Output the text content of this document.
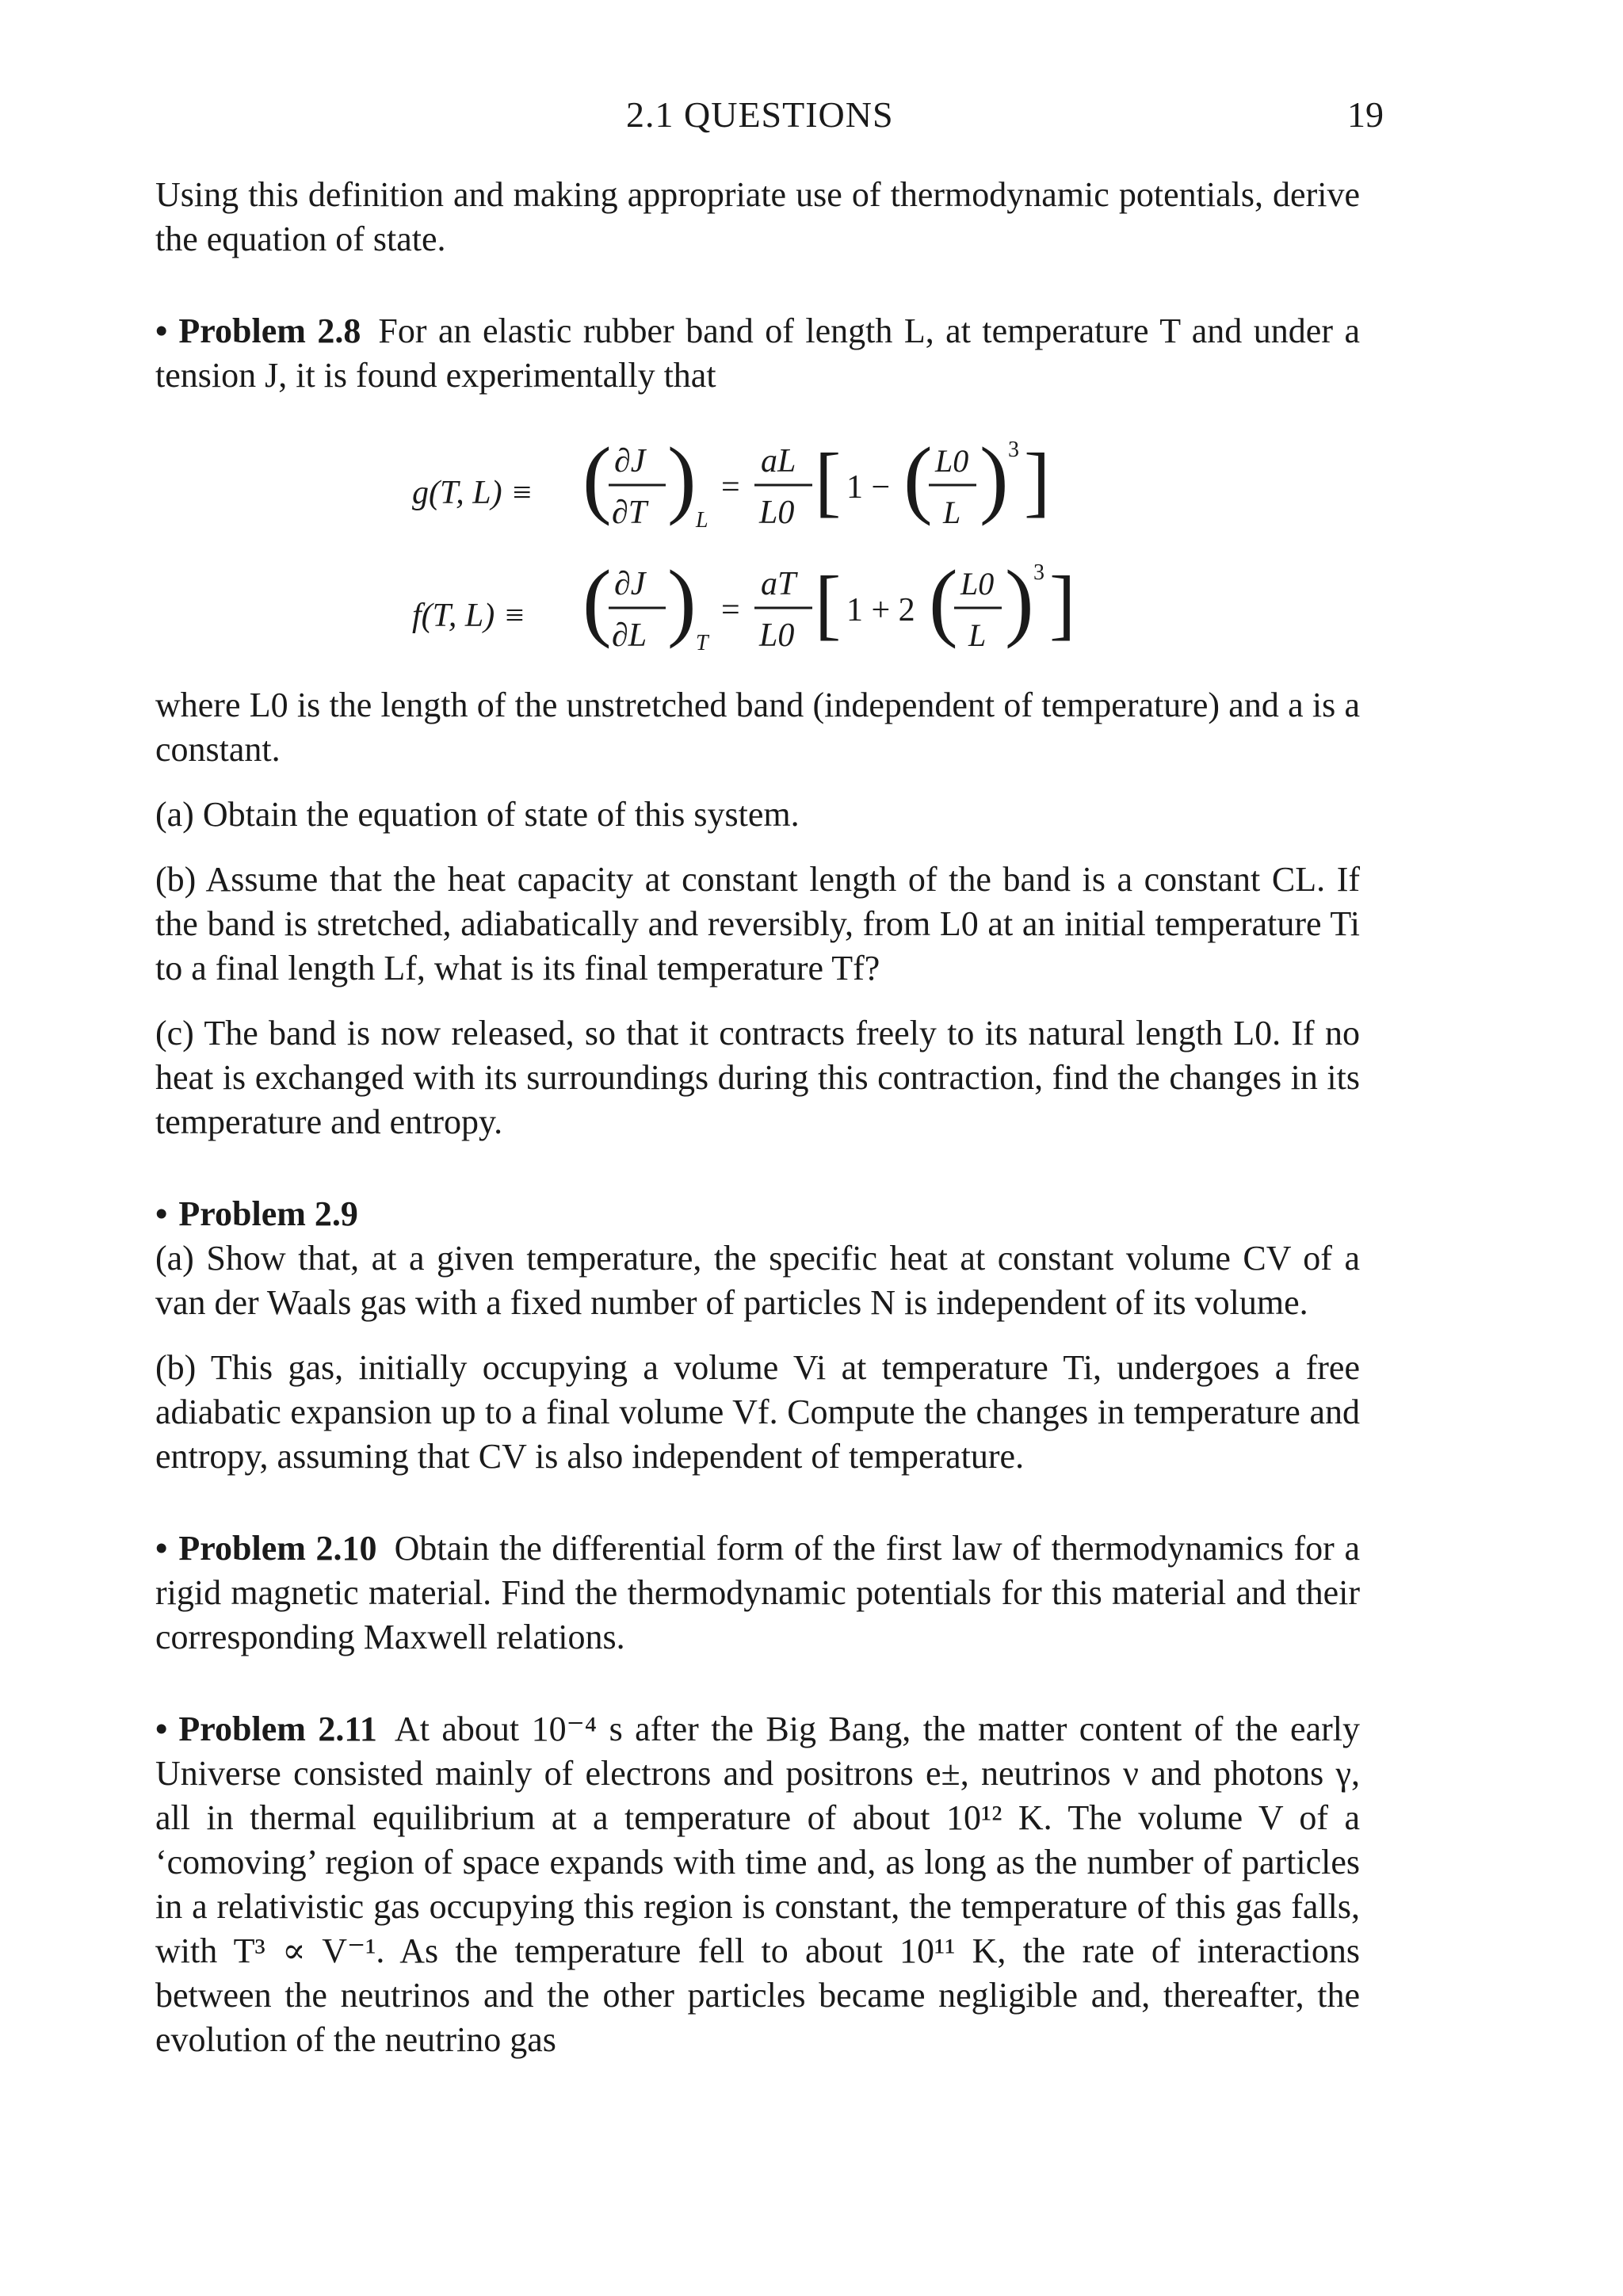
2.1 QUESTIONS	19

Using this definition and making appropriate use of thermodynamic potentials, derive the equation of state.

• Problem 2.8 For an elastic rubber band of length L, at temperature T and under a tension J, it is found experimentally that

g(T, L) ≡ ( ∂J
∂T ) L
=
aL
L0 [ 1 − ( L0
L ) 3 ]
f(T, L) ≡ ( ∂J
∂L ) T
=
aT
L0 [ 1 + 2 ( L0
L ) 3 ]

where L0 is the length of the unstretched band (independent of temperature) and a is a constant.

(a) Obtain the equation of state of this system.

(b) Assume that the heat capacity at constant length of the band is a constant CL. If the band is stretched, adiabatically and reversibly, from L0 at an initial temperature Ti to a final length Lf, what is its final temperature Tf?

(c) The band is now released, so that it contracts freely to its natural length L0. If no heat is exchanged with its surroundings during this contraction, find the changes in its temperature and entropy.

• Problem 2.9

(a) Show that, at a given temperature, the specific heat at constant volume CV of a van der Waals gas with a fixed number of particles N is independent of its volume.

(b) This gas, initially occupying a volume Vi at temperature Ti, undergoes a free adiabatic expansion up to a final volume Vf. Compute the changes in temperature and entropy, assuming that CV is also independent of temperature.

• Problem 2.10 Obtain the differential form of the first law of thermodynamics for a rigid magnetic material. Find the thermodynamic potentials for this material and their corresponding Maxwell relations.

• Problem 2.11 At about 10⁻⁴ s after the Big Bang, the matter content of the early Universe consisted mainly of electrons and positrons e±, neutrinos ν and photons γ, all in thermal equilibrium at a temperature of about 10¹² K. The volume V of a ‘comoving’ region of space expands with time and, as long as the number of particles in a relativistic gas occupying this region is constant, the temperature of this gas falls, with T³ ∝ V⁻¹. As the temperature fell to about 10¹¹ K, the rate of interactions between the neutrinos and the other particles became negligible and, thereafter, the evolution of the neutrino gas
